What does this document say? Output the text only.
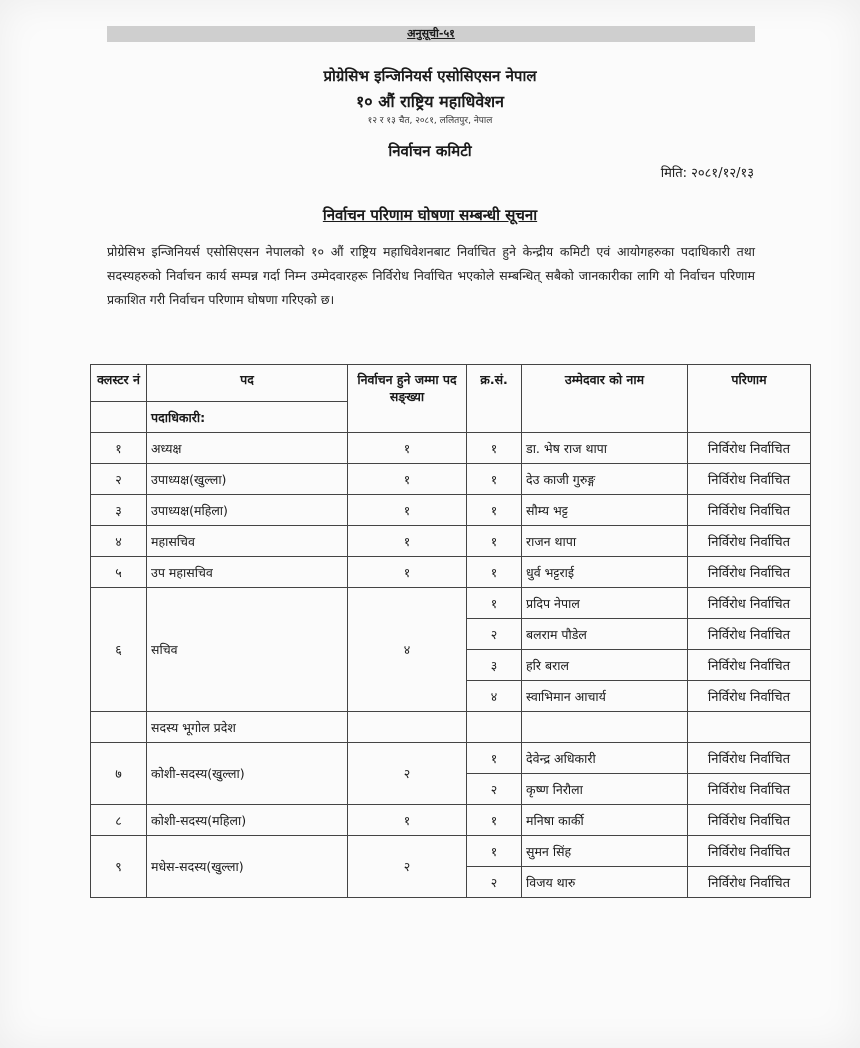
अनुसूची-५१
प्रोग्रेसिभ इन्जिनियर्स एसोसिएसन नेपाल
१० औं राष्ट्रिय महाधिवेशन
१२ र १३ चैत, २०८१, ललितपुर, नेपाल
निर्वाचन कमिटी
मिति: २०८१/१२/१३
निर्वाचन परिणाम घोषणा सम्बन्धी सूचना
प्रोग्रेसिभ इन्जिनियर्स एसोसिएसन नेपालको १० औं राष्ट्रिय महाधिवेशनबाट निर्वाचित हुने केन्द्रीय कमिटी एवं आयोगहरुका पदाधिकारी तथा सदस्यहरुको निर्वाचन कार्य सम्पन्न गर्दा निम्न उम्मेदवारहरू निर्विरोध निर्वाचित भएकोले सम्बन्धित् सबैको जानकारीका लागि यो निर्वाचन परिणाम प्रकाशित गरी निर्वाचन परिणाम घोषणा गरिएको छ।
क्लस्टर नं	पद	निर्वाचन हुने जम्मा पद सङ्ख्या	क्र.सं.	उम्मेदवार को नाम	परिणाम
	पदाधिकारी:				
१	अध्यक्ष	१	१	डा. भेष राज थापा	निर्विरोध निर्वाचित
२	उपाध्यक्ष(खुल्ला)	१	१	देउ काजी गुरुङ्ग	निर्विरोध निर्वाचित
३	उपाध्यक्ष(महिला)	१	१	सौम्य भट्ट	निर्विरोध निर्वाचित
४	महासचिव	१	१	राजन थापा	निर्विरोध निर्वाचित
५	उप महासचिव	१	१	धुर्व भट्टराई	निर्विरोध निर्वाचित
६	सचिव	४	१	प्रदिप नेपाल	निर्विरोध निर्वाचित
			२	बलराम पौडेल	निर्विरोध निर्वाचित
			३	हरि बराल	निर्विरोध निर्वाचित
			४	स्वाभिमान आचार्य	निर्विरोध निर्वाचित
	सदस्य भूगोल प्रदेश				
७	कोशी-सदस्य(खुल्ला)	२	१	देवेन्द्र अधिकारी	निर्विरोध निर्वाचित
			२	कृष्ण निरौला	निर्विरोध निर्वाचित
८	कोशी-सदस्य(महिला)	१	१	मनिषा कार्की	निर्विरोध निर्वाचित
९	मधेस-सदस्य(खुल्ला)	२	१	सुमन सिंह	निर्विरोध निर्वाचित
			२	विजय थारु	निर्विरोध निर्वाचित
